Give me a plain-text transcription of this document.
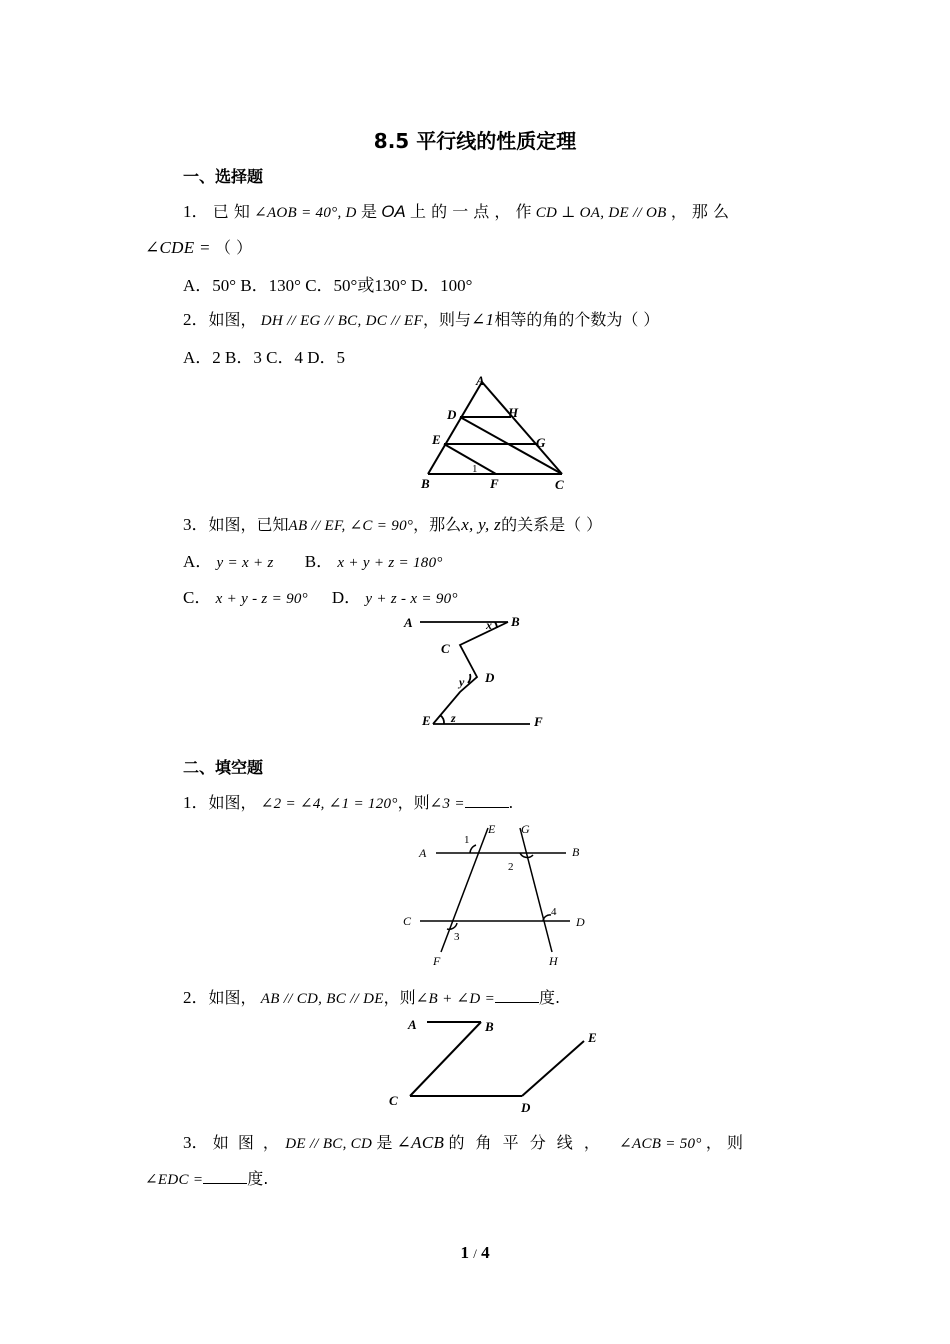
8.5 平行线的性质定理
一、选择题
1． 已 知 ∠AOB = 40°, D 是 OA 上 的 一 点 ， 作 CD ⊥ OA, DE // OB ， 那 么
∠CDE = （ ）
A．50° B．130° C．50°或130° D．100°
2．如图， DH // EG // BC, DC // EF，则与∠1相等的角的个数为（ ）
A．2 B．3 C．4 D．5
A
D	H
E	G
B	F	C
1
3．如图，已知AB // EF, ∠C = 90°，那么x, y, z的关系是（ ）
A． y = x + z B． x + y + z = 180°
C． x + y - z = 90° D． y + z - x = 90°
A	B
C
D
E	F
x
y
z
二、填空题
1．如图， ∠2 = ∠4, ∠1 = 120°，则∠3 =	.
A	B
C	D
E
F
G
H
1
2
3
4
2．如图， AB // CD, BC // DE，则∠B + ∠D =	度.
A	B
C	D
E
3． 如 图 ， DE // BC, CD 是 ∠ACB 的 角 平 分 线 ， ∠ACB = 50° ， 则
∠EDC =	度.
1 / 4
